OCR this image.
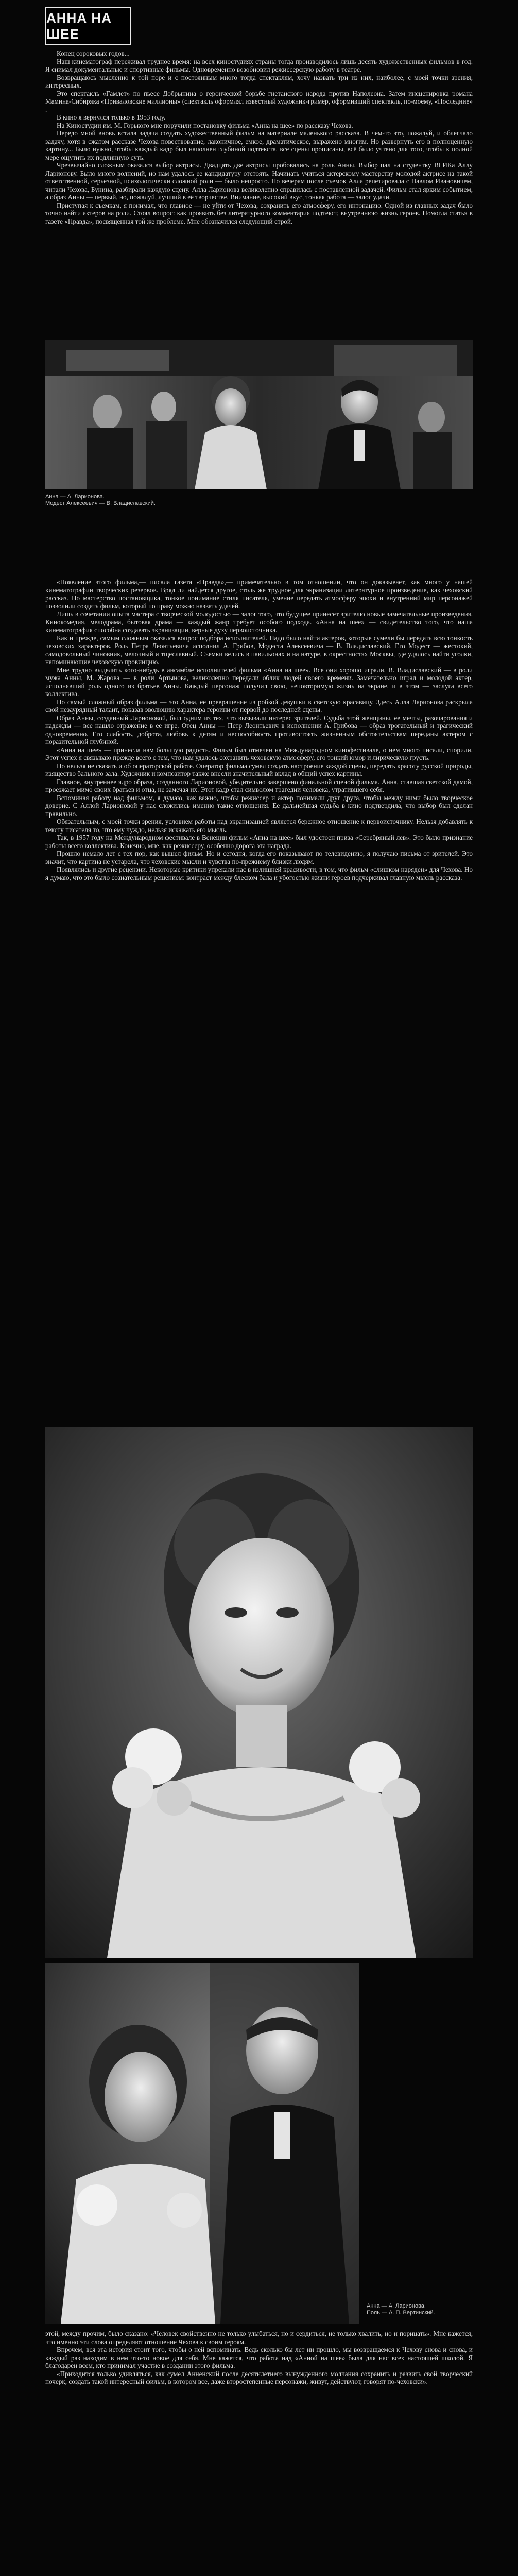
АННА НА ШЕЕ

Конец сороковых годов...

Наш кинематограф переживал трудное время: на всех киностудиях страны тогда производилось лишь десять художественных фильмов в год. Я снимал документальные и спортивные фильмы. Одновременно возобновил режиссерскую работу в театре.

Возвращаюсь мысленно к той поре и с постоянным много тогда спектаклям, хочу назвать три из них, наиболее, с моей точки зрения, интересных.

Это спектакль «Гамлет» по пьесе Добрынина о героической борьбе гнетанского народа против Наполеона. Затем инсценировка романа Мамина-Сибиряка «Приваловские миллионы» (спектакль оформлял известный художник-гримёр, оформивший спектакль, по-моему, «Последние» .

В кино я вернулся только в 1953 году.

На Киностудии им. М. Горького мне поручили постановку фильма «Анна на шее» по рассказу Чехова.

Передо мной вновь встала задача создать художественный фильм на материале маленького рассказа. В чем-то это, пожалуй, и облегчало задачу, хотя в сжатом рассказе Чехова повествование, лаконичное, емкое, драматическое, выражено многим. Но развернуть его в полноценную картину... Было нужно, чтобы каждый кадр был наполнен глубиной подтекста, все сцены прописаны, всё было учтено для того, чтобы к полной мере ощутить их подлинную суть.

Чрезвычайно сложным оказался выбор актрисы. Двадцать две актрисы пробовались на роль Анны. Выбор пал на студентку ВГИКа Аллу Ларионову. Было много волнений, но нам удалось ее кандидатуру отстоять. Начинать учиться актерскому мастерству молодой актрисе на такой ответственной, серьезной, психологически сложной роли — было непросто. По вечерам после съемок Алла репетировала с Павлом Ивановичем, читали Чехова, Бунина, разбирали каждую сцену. Алла Ларионова великолепно справилась с поставленной задачей. Фильм стал ярким событием, а образ Анны — первый, но, пожалуй, лучший в её творчестве. Внимание, высокий вкус, тонкая работа — залог удачи.

Приступая к съемкам, я понимал, что главное — не уйти от Чехова, сохранить его атмосферу, его интонацию. Одной из главных задач было точно найти актеров на роли. Стоял вопрос: как проявить без литературного комментария подтекст, внутреннюю жизнь героев. Помогла статья в газете «Правда», посвященная той же проблеме. Мне обозначился следующий строй.

Анна — А. Ларионова.
Модест Алексеевич — В. Владиславский.

«Появление этого фильма,— писала газета «Правда»,— примечательно в том отношении, что он доказывает, как много у нашей кинематографии творческих резервов. Вряд ли найдется другое, столь же трудное для экранизации литературное произведение, как чеховский рассказ. Но мастерство постановщика, тонкое понимание стиля писателя, умение передать атмосферу эпохи и внутренний мир персонажей позволили создать фильм, который по праву можно назвать удачей.

Лишь в сочетании опыта мастера с творческой молодостью — залог того, что будущее принесет зрителю новые замечательные произведения. Кинокомедия, мелодрама, бытовая драма — каждый жанр требует особого подхода. «Анна на шее» — свидетельство того, что наша кинематография способна создавать экранизации, верные духу первоисточника.

Как и прежде, самым сложным оказался вопрос подбора исполнителей. Надо было найти актеров, которые сумели бы передать всю тонкость чеховских характеров. Роль Петра Леонтьевича исполнил А. Грибов, Модеста Алексеевича — В. Владиславский. Его Модест — жестокий, самодовольный чиновник, мелочный и тщеславный. Съемки велись в павильонах и на натуре, в окрестностях Москвы, где удалось найти уголки, напоминающие чеховскую провинцию.

Мне трудно выделить кого-нибудь в ансамбле исполнителей фильма «Анна на шее». Все они хорошо играли. В. Владиславский — в роли мужа Анны, М. Жарова — в роли Артынова, великолепно передали облик людей своего времени. Замечательно играл и молодой актер, исполнявший роль одного из братьев Анны. Каждый персонаж получил свою, неповторимую жизнь на экране, и в этом — заслуга всего коллектива.

Но самый сложный образ фильма — это Анна, ее превращение из робкой девушки в светскую красавицу. Здесь Алла Ларионова раскрыла свой незаурядный талант, показав эволюцию характера героини от первой до последней сцены.

Образ Анны, созданный Ларионовой, был одним из тех, что вызывали интерес зрителей. Судьба этой женщины, ее мечты, разочарования и надежды — все нашло отражение в ее игре. Отец Анны — Петр Леонтьевич в исполнении А. Грибова — образ трогательный и трагический одновременно. Его слабость, доброта, любовь к детям и неспособность противостоять жизненным обстоятельствам переданы актером с поразительной глубиной.

«Анна на шее» — принесла нам большую радость. Фильм был отмечен на Международном кинофестивале, о нем много писали, спорили. Этот успех я связываю прежде всего с тем, что нам удалось сохранить чеховскую атмосферу, его тонкий юмор и лирическую грусть.

Но нельзя не сказать и об операторской работе. Оператор фильма сумел создать настроение каждой сцены, передать красоту русской природы, изящество бального зала. Художник и композитор также внесли значительный вклад в общий успех картины.

Главное, внутреннее ядро образа, созданного Ларионовой, убедительно завершено финальной сценой фильма. Анна, ставшая светской дамой, проезжает мимо своих братьев и отца, не замечая их. Этот кадр стал символом трагедии человека, утратившего себя.

Вспоминая работу над фильмом, я думаю, как важно, чтобы режиссер и актер понимали друг друга, чтобы между ними было творческое доверие. С Аллой Ларионовой у нас сложились именно такие отношения. Ее дальнейшая судьба в кино подтвердила, что выбор был сделан правильно.

Обязательным, с моей точки зрения, условием работы над экранизацией является бережное отношение к первоисточнику. Нельзя добавлять к тексту писателя то, что ему чуждо, нельзя искажать его мысль.

Так, в 1957 году на Международном фестивале в Венеции фильм «Анна на шее» был удостоен приза «Серебряный лев». Это было признание работы всего коллектива. Конечно, мне, как режиссеру, особенно дорога эта награда.

Прошло немало лет с тех пор, как вышел фильм. Но и сегодня, когда его показывают по телевидению, я получаю письма от зрителей. Это значит, что картина не устарела, что чеховские мысли и чувства по-прежнему близки людям.

Появлялись и другие рецензии. Некоторые критики упрекали нас в излишней красивости, в том, что фильм «слишком наряден» для Чехова. Но я думаю, что это было сознательным решением: контраст между блеском бала и убогостью жизни героев подчеркивал главную мысль рассказа.

Анна — А. Ларионова.
Поль — А. П. Вертинский.

этой, между прочим, было сказано: «Человек свойственно не только улыбаться, но и сердиться, не только хвалить, но и порицать». Мне кажется, что именно эти слова определяют отношение Чехова к своим героям.

Впрочем, вся эта история стоит того, чтобы о ней вспоминать. Ведь сколько бы лет ни прошло, мы возвращаемся к Чехову снова и снова, и каждый раз находим в нем что-то новое для себя. Мне кажется, что работа над «Анной на шее» была для нас всех настоящей школой. Я благодарен всем, кто принимал участие в создании этого фильма.

«Приходится только удивляться, как сумел Анненский после десятилетнего вынужденного молчания сохранить и развить свой творческий почерк, создать такой интересный фильм, в котором все, даже второстепенные персонажи, живут, действуют, говорят по-чеховски».
